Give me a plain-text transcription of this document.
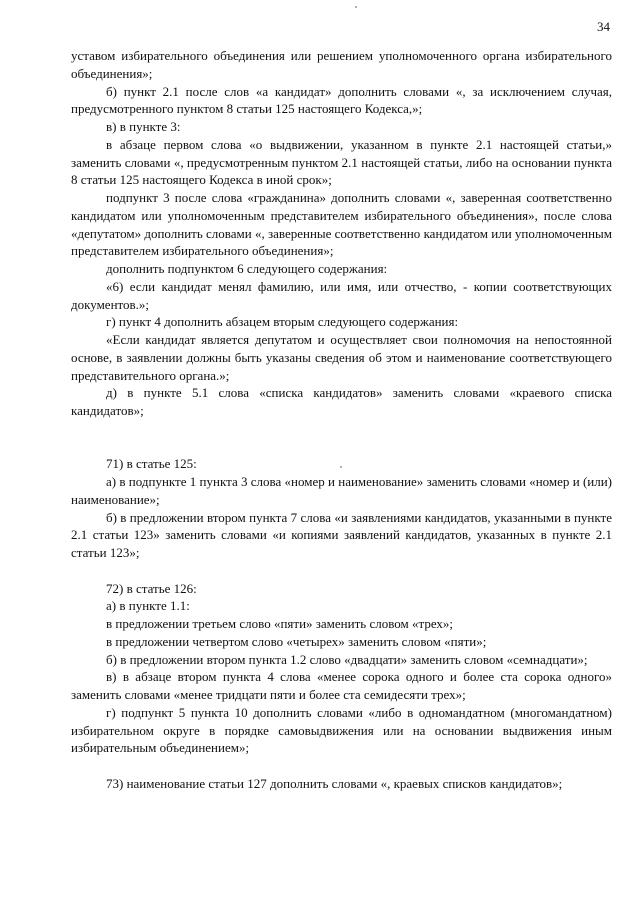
34

уставом избирательного объединения или решением уполномоченного органа избирательного объединения»;

б) пункт 2.1 после слов «а кандидат» дополнить словами «, за исключением случая, предусмотренного пунктом 8 статьи 125 настоящего Кодекса,»;

в) в пункте 3:

в абзаце первом слова «о выдвижении, указанном в пункте 2.1 настоящей статьи,» заменить словами «, предусмотренным пунктом 2.1 настоящей статьи, либо на основании пункта 8 статьи 125 настоящего Кодекса в иной срок»;

подпункт 3 после слова «гражданина» дополнить словами «, заверенная соответственно кандидатом или уполномоченным представителем избирательного объединения», после слова «депутатом» дополнить словами «, заверенные соответственно кандидатом или уполномоченным представителем избирательного объединения»;

дополнить подпунктом 6 следующего содержания:

«6) если кандидат менял фамилию, или имя, или отчество, - копии соответствующих документов.»;

г) пункт 4 дополнить абзацем вторым следующего содержания:

«Если кандидат является депутатом и осуществляет свои полномочия на непостоянной основе, в заявлении должны быть указаны сведения об этом и наименование соответствующего представительного органа.»;

д) в пункте 5.1 слова «списка кандидатов» заменить словами «краевого списка кандидатов»;

71) в статье 125:

а) в подпункте 1 пункта 3 слова «номер и наименование» заменить словами «номер и (или) наименование»;

б) в предложении втором пункта 7 слова «и заявлениями кандидатов, указанными в пункте 2.1 статьи 123» заменить словами «и копиями заявлений кандидатов, указанных в пункте 2.1 статьи 123»;

72) в статье 126:

а) в пункте 1.1:

в предложении третьем слово «пяти» заменить словом «трех»;

в предложении четвертом слово «четырех» заменить словом «пяти»;

б) в предложении втором пункта 1.2 слово «двадцати» заменить словом «семнадцати»;

в) в абзаце втором пункта 4 слова «менее сорока одного и более ста сорока одного» заменить словами «менее тридцати пяти и более ста семидесяти трех»;

г) подпункт 5 пункта 10 дополнить словами «либо в одномандатном (многомандатном) избирательном округе в порядке самовыдвижения или на основании выдвижения иным избирательным объединением»;

73) наименование статьи 127 дополнить словами «, краевых списков кандидатов»;
